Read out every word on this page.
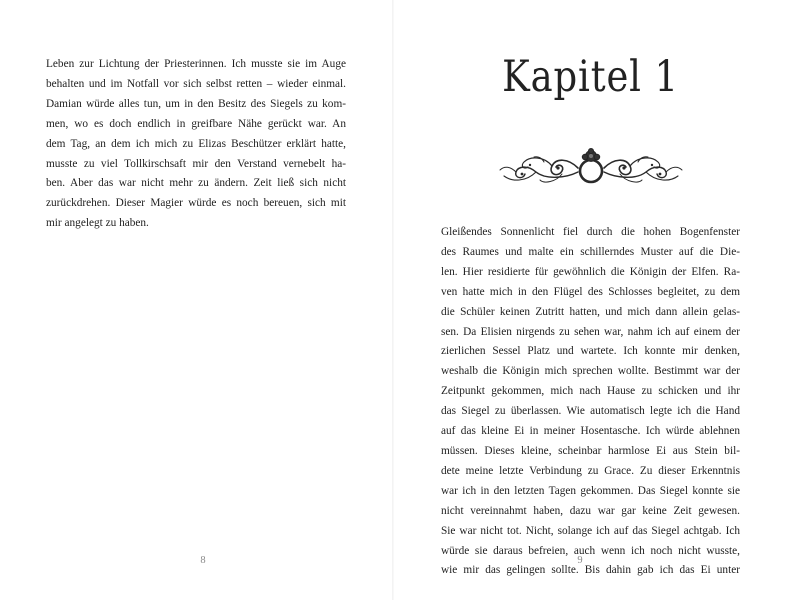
Leben zur Lichtung der Priesterinnen. Ich musste sie im Auge
behalten und im Notfall vor sich selbst retten – wieder einmal.
Damian würde alles tun, um in den Besitz des Siegels zu kom-
men, wo es doch endlich in greifbare Nähe gerückt war. An
dem Tag, an dem ich mich zu Elizas Beschützer erklärt hatte,
musste zu viel Tollkirschsaft mir den Verstand vernebelt ha-
ben. Aber das war nicht mehr zu ändern. Zeit ließ sich nicht
zurückdrehen. Dieser Magier würde es noch bereuen, sich mit
mir angelegt zu haben.
8
Kapitel 1
Gleißendes Sonnenlicht fiel durch die hohen Bogenfenster
des Raumes und malte ein schillerndes Muster auf die Die-
len. Hier residierte für gewöhnlich die Königin der Elfen. Ra-
ven hatte mich in den Flügel des Schlosses begleitet, zu dem
die Schüler keinen Zutritt hatten, und mich dann allein gelas-
sen. Da Elisien nirgends zu sehen war, nahm ich auf einem der
zierlichen Sessel Platz und wartete. Ich konnte mir denken,
weshalb die Königin mich sprechen wollte. Bestimmt war der
Zeitpunkt gekommen, mich nach Hause zu schicken und ihr
das Siegel zu überlassen. Wie automatisch legte ich die Hand
auf das kleine Ei in meiner Hosentasche. Ich würde ablehnen
müssen. Dieses kleine, scheinbar harmlose Ei aus Stein bil-
dete meine letzte Verbindung zu Grace. Zu dieser Erkenntnis
war ich in den letzten Tagen gekommen. Das Siegel konnte sie
nicht vereinnahmt haben, dazu war gar keine Zeit gewesen.
Sie war nicht tot. Nicht, solange ich auf das Siegel achtgab. Ich
würde sie daraus befreien, auch wenn ich noch nicht wusste,
wie mir das gelingen sollte. Bis dahin gab ich das Ei unter
9
